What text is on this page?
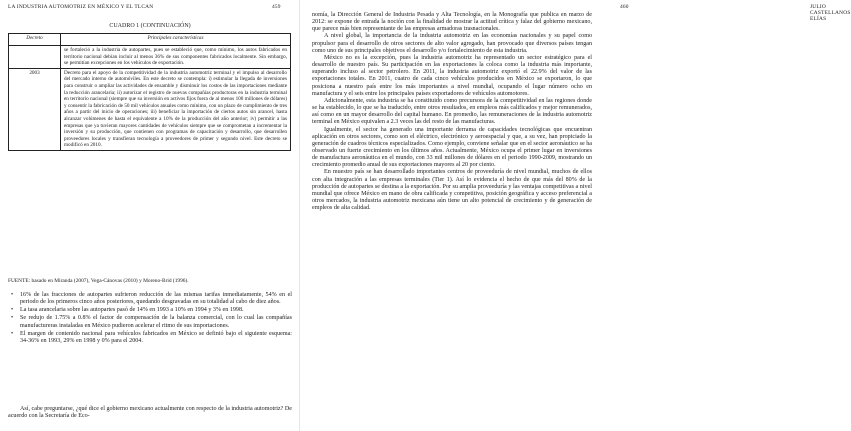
LA INDUSTRIA AUTOMOTRIZ EN MÉXICO Y EL TLCAN	459
CUADRO 1 (CONTINUACIÓN)
Decreto	Principales características
	se fortaleció a la industria de autopartes, pues se estableció que, como mínimo, los autos fabricados en territorio nacional debían incluir al menos 36% de sus componentes fabricados localmente. Sin embargo, se permitían excepciones en los vehículos de exportación.
2003	Decreto para el apoyo de la competitividad de la industria automotriz terminal y el impulso al desarrollo del mercado interno de automóviles. En este decreto se contempla: i) estimular la llegada de inversiones para construir o ampliar las actividades de ensamble y disminuir los costos de las importaciones mediante la reducción arancelaria; ii) autorizar el registro de nuevas compañías productoras en la industria terminal en territorio nacional (siempre que su inversión en activos fijos fuera de al menos 100 millones de dólares) y consentir la fabricación de 50 mil vehículos anuales como mínimo, con un plazo de cumplimiento de tres años a partir del inicio de operaciones; iii) beneficiar la importación de ciertos autos sin arancel, hasta alcanzar volúmenes de hasta el equivalente a 10% de la producción del año anterior; iv) permitir a las empresas que ya tuvieran mayores cantidades de vehículos siempre que se comprometan a incrementar la inversión y su producción, que contienen con programas de capacitación y desarrollo, que desarrollen proveedores locales y transfieran tecnología a proveedores de primer y segundo nivel. Este decreto se modificó en 2010.
FUENTE: basado en Miranda (2007), Vega-Cánovas (2010) y Moreno-Brid (1996).
• 16% de las fracciones de autopartes sufrieron reducción de las mismas tarifas inmediatamente, 54% en el periodo de los primeros cinco años posteriores, quedando desgravadas en su totalidad al cabo de diez años.
• La tasa arancelaria sobre las autopartes pasó de 14% en 1993 a 10% en 1994 y 3% en 1998.
• Se redujo de 1.75% a 0.8% el factor de compensación de la balanza comercial, con lo cual las compañías manufactureras instaladas en México pudieron acelerar el ritmo de sus importaciones.
• El margen de contenido nacional para vehículos fabricados en México se definió bajo el siguiente esquema: 34-36% en 1993, 29% en 1998 y 0% para el 2004.

Así, cabe preguntarse, ¿qué dice el gobierno mexicano actualmente con respecto de la industria automotriz? De acuerdo con la Secretaría de Eco-

460	JULIO CASTELLANOS ELÍAS

nomía, la Dirección General de Industria Pesada y Alta Tecnología, en la Monografía que publica en marzo de 2012: se expone de entrada la noción con la finalidad de mostrar la actitud crítica y falaz del gobierno mexicano, que parece más bien representante de las empresas armadoras trasnacionales.

A nivel global, la importancia de la industria automotriz en las economías nacionales y su papel como propulsor para el desarrollo de otros sectores de alto valor agregado, han provocado que diversos países tengan como uno de sus principales objetivos el desarrollo y/o fortalecimiento de esta industria.

México no es la excepción, pues la industria automotriz ha representado un sector estratégico para el desarrollo de nuestro país. Su participación en las exportaciones la coloca como la industria más importante, superando incluso al sector petrolero. En 2011, la industria automotriz exportó el 22.9% del valor de las exportaciones totales. En 2011, cuatro de cada cinco vehículos producidos en México se exportaron, lo que posiciona a nuestro país entre los más importantes a nivel mundial, ocupando el lugar número ocho en manufactura y el seis entre los principales países exportadores de vehículos automotores.

Adicionalmente, esta industria se ha constituido como precursora de la competitividad en las regiones donde se ha establecido, lo que se ha traducido, entre otros resultados, en empleos más calificados y mejor remunerados, así como en un mayor desarrollo del capital humano. En promedio, las remuneraciones de la industria automotriz terminal en México equivalen a 2.3 veces las del resto de las manufacturas.

Igualmente, el sector ha generado una importante derrama de capacidades tecnológicas que encuentran aplicación en otros sectores, como son el eléctrico, electrónico y aeroespacial y que, a su vez, han propiciado la generación de cuadros técnicos especializados. Como ejemplo, conviene señalar que en el sector aeronáutico se ha observado un fuerte crecimiento en los últimos años. Actualmente, México ocupa el primer lugar en inversiones de manufactura aeronáutica en el mundo, con 33 mil millones de dólares en el periodo 1990-2009, mostrando un crecimiento promedio anual de sus exportaciones mayores al 20 por ciento.

En muestro país se han desarrollado importantes centros de proveeduría de nivel mundial, muchos de ellos con alta integración a las empresas terminales (Tier 1). Así lo evidencia el hecho de que más del 80% de la producción de autopartes se destina a la exportación. Por su amplia proveeduría y las ventajas competitivas a nivel mundial que ofrece México en mano de obra calificada y competitiva, posición geográfica y acceso preferencial a otros mercados, la industria automotriz mexicana aún tiene un alto potencial de crecimiento y de generación de empleos de alta calidad.
